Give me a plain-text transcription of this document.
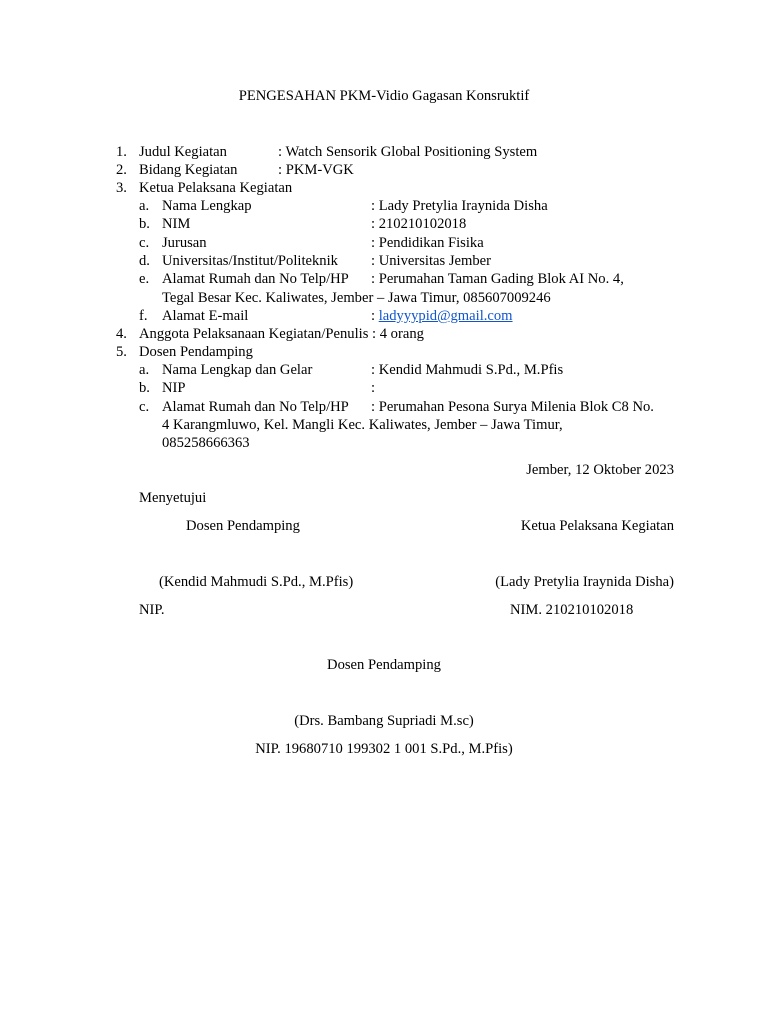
PENGESAHAN PKM-Vidio Gagasan Konsruktif
1. Judul Kegiatan	: Watch Sensorik Global Positioning System
2. Bidang Kegiatan	: PKM-VGK
3. Ketua Pelaksana Kegiatan
a. Nama Lengkap	: Lady Pretylia Iraynida Disha
b. NIM	: 210210102018
c. Jurusan	: Pendidikan Fisika
d. Universitas/Institut/Politeknik : Universitas Jember
e. Alamat Rumah dan No Telp/HP : Perumahan Taman Gading Blok AI No. 4,
Tegal Besar Kec. Kaliwates, Jember – Jawa Timur, 085607009246
f. Alamat E-mail	: ladyyypid@gmail.com
4. Anggota Pelaksanaan Kegiatan/Penulis : 4 orang
5. Dosen Pendamping
a. Nama Lengkap dan Gelar	: Kendid Mahmudi S.Pd., M.Pfis
b. NIP	:
c. Alamat Rumah dan No Telp/HP : Perumahan Pesona Surya Milenia Blok C8 No.
4 Karangmluwo, Kel. Mangli Kec. Kaliwates, Jember – Jawa Timur,
085258666363
Jember, 12 Oktober 2023
Menyetujui
Dosen Pendamping	Ketua Pelaksana Kegiatan
(Kendid Mahmudi S.Pd., M.Pfis)	(Lady Pretylia Iraynida Disha)
NIP.	NIM. 210210102018
Dosen Pendamping
(Drs. Bambang Supriadi M.sc)
NIP. 19680710 199302 1 001 S.Pd., M.Pfis)
